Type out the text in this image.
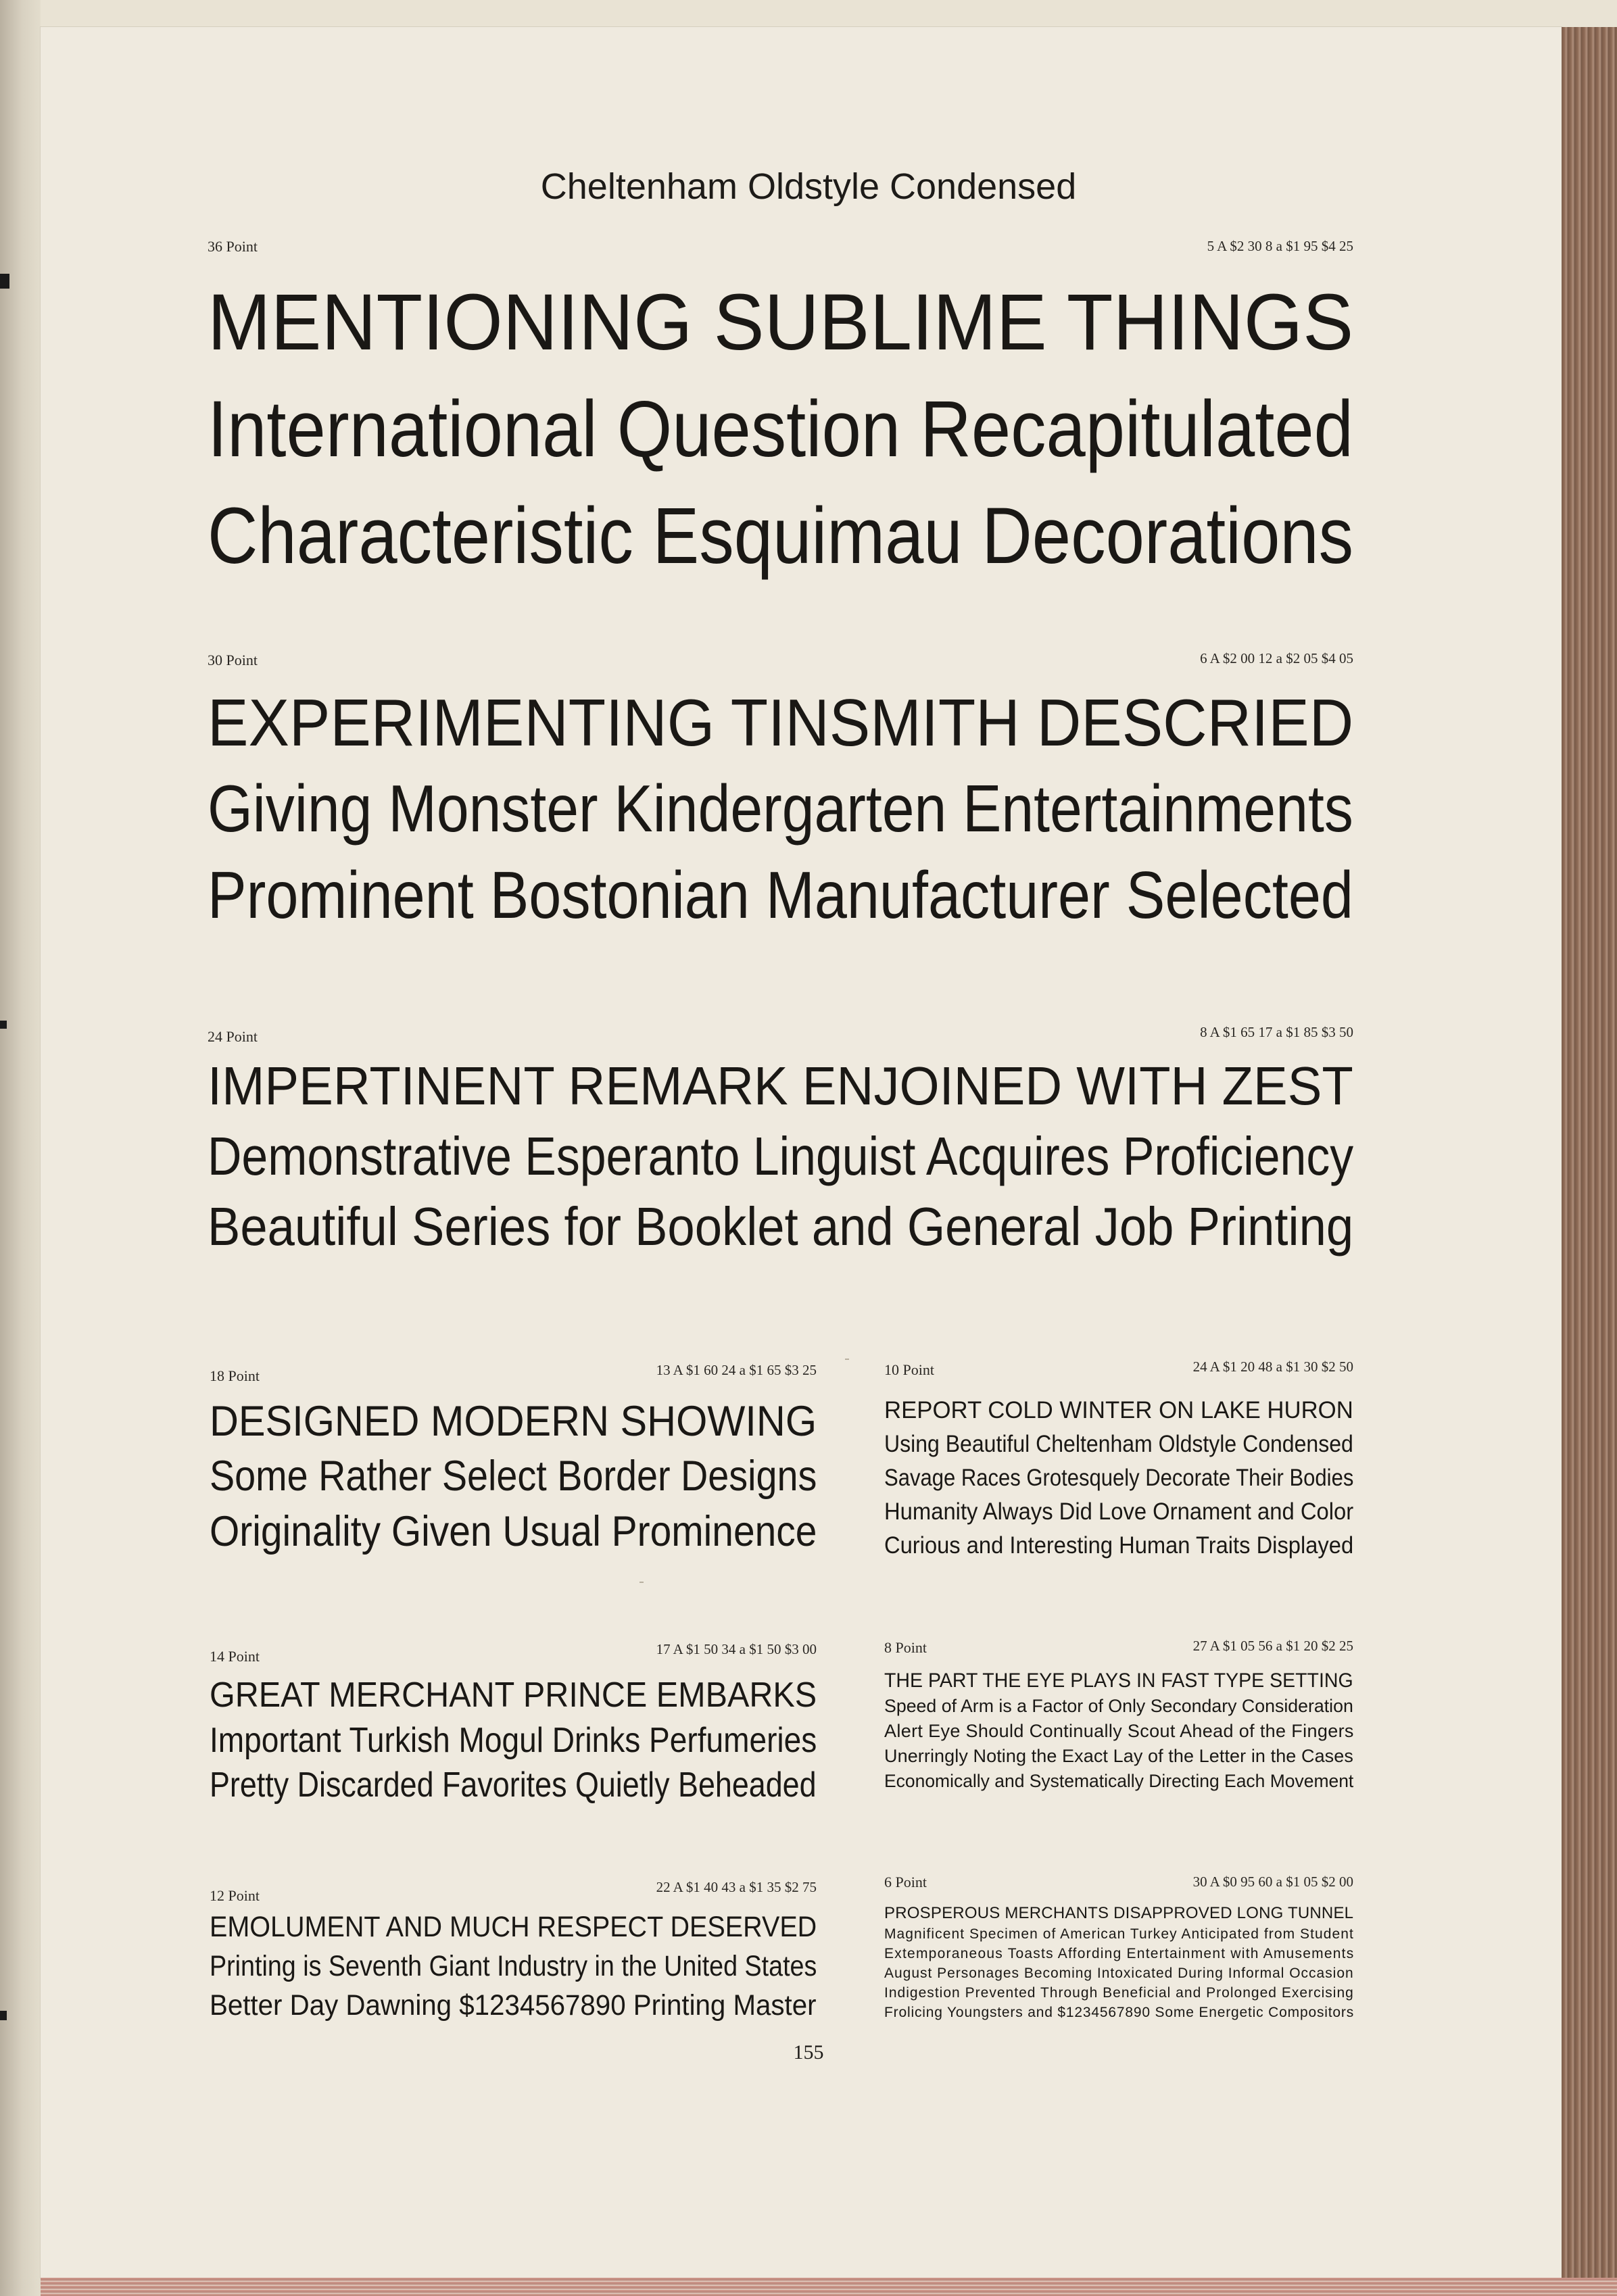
Cheltenham Oldstyle Condensed
36 Point	5 A $2 30 8 a $1 95 $4 25

MENTIONING SUBLIME THINGS

International Question Recapitulated

Characteristic Esquimau Decorations

30 Point	6 A $2 00 12 a $2 05 $4 05

EXPERIMENTING TINSMITH DESCRIED

Giving Monster Kindergarten Entertainments

Prominent Bostonian Manufacturer Selected

24 Point	8 A $1 65 17 a $1 85 $3 50

IMPERTINENT REMARK ENJOINED WITH ZEST

Demonstrative Esperanto Linguist Acquires Proficiency

Beautiful Series for Booklet and General Job Printing

18 Point	13 A $1 60 24 a $1 65 $3 25

DESIGNED MODERN SHOWING

Some Rather Select Border Designs

Originality Given Usual Prominence

14 Point	17 A $1 50 34 a $1 50 $3 00

GREAT MERCHANT PRINCE EMBARKS

Important Turkish Mogul Drinks Perfumeries

Pretty Discarded Favorites Quietly Beheaded

12 Point	22 A $1 40 43 a $1 35 $2 75

EMOLUMENT AND MUCH RESPECT DESERVED

Printing is Seventh Giant Industry in the United States

Better Day Dawning $1234567890 Printing Master

10 Point	24 A $1 20 48 a $1 30 $2 50

REPORT COLD WINTER ON LAKE HURON

Using Beautiful Cheltenham Oldstyle Condensed

Savage Races Grotesquely Decorate Their Bodies

Humanity Always Did Love Ornament and Color

Curious and Interesting Human Traits Displayed

8 Point	27 A $1 05 56 a $1 20 $2 25

THE PART THE EYE PLAYS IN FAST TYPE SETTING

Speed of Arm is a Factor of Only Secondary Consideration

Alert Eye Should Continually Scout Ahead of the Fingers

Unerringly Noting the Exact Lay of the Letter in the Cases

Economically and Systematically Directing Each Movement

6 Point	30 A $0 95 60 a $1 05 $2 00

PROSPEROUS MERCHANTS DISAPPROVED LONG TUNNEL

Magnificent Specimen of American Turkey Anticipated from Student

Extemporaneous Toasts Affording Entertainment with Amusements

August Personages Becoming Intoxicated During Informal Occasion

Indigestion Prevented Through Beneficial and Prolonged Exercising

Frolicing Youngsters and $1234567890 Some Energetic Compositors

155
